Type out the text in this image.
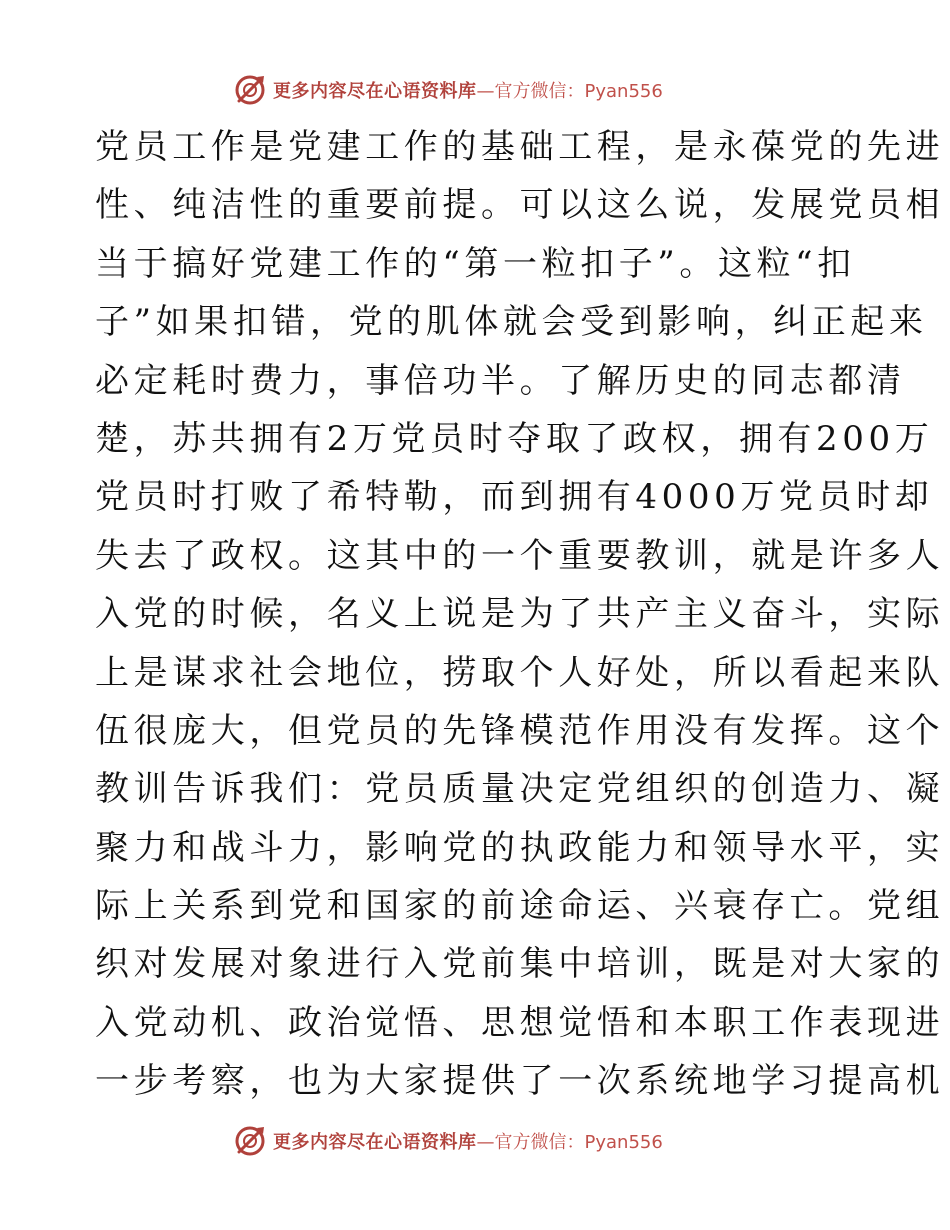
更多内容尽在心语资料库 —官方微信：Pyan556
党员工作是党建工作的基础工程，是永葆党的先进
性、纯洁性的重要前提。可以这么说，发展党员相
当于搞好党建工作的“第一粒扣子”。这粒“扣
子”如果扣错，党的肌体就会受到影响，纠正起来
必定耗时费力，事倍功半。了解历史的同志都清
楚，苏共拥有2万党员时夺取了政权，拥有200万
党员时打败了希特勒，而到拥有4000万党员时却
失去了政权。这其中的一个重要教训，就是许多人
入党的时候，名义上说是为了共产主义奋斗，实际
上是谋求社会地位，捞取个人好处，所以看起来队
伍很庞大，但党员的先锋模范作用没有发挥。这个
教训告诉我们：党员质量决定党组织的创造力、凝
聚力和战斗力，影响党的执政能力和领导水平，实
际上关系到党和国家的前途命运、兴衰存亡。党组
织对发展对象进行入党前集中培训，既是对大家的
入党动机、政治觉悟、思想觉悟和本职工作表现进
一步考察，也为大家提供了一次系统地学习提高机
更多内容尽在心语资料库 —官方微信：Pyan556
